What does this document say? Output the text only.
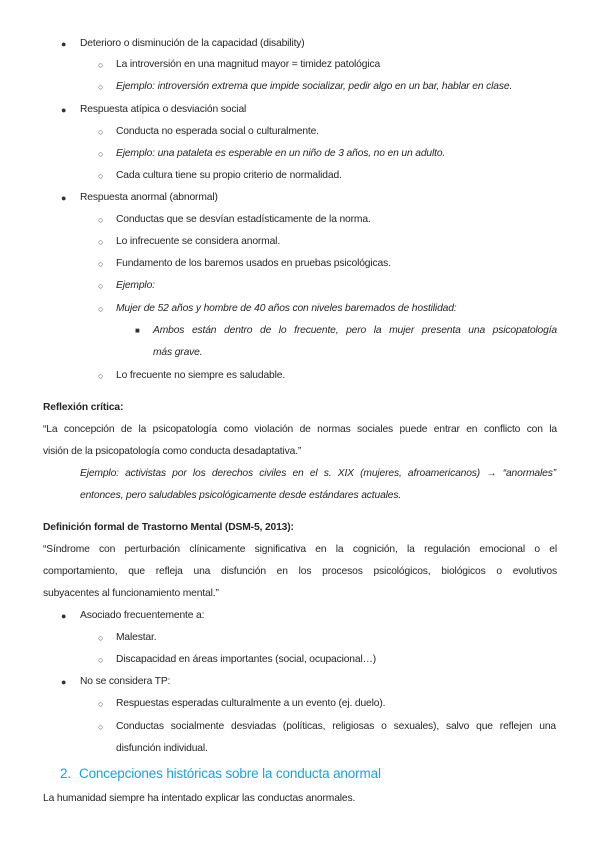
● Deterioro o disminución de la capacidad (disability)
○ La introversión en una magnitud mayor = timidez patológica
○ Ejemplo: introversión extrema que impide socializar, pedir algo en un bar, hablar en clase.
● Respuesta atípica o desviación social
○ Conducta no esperada social o culturalmente.
○ Ejemplo: una pataleta es esperable en un niño de 3 años, no en un adulto.
○ Cada cultura tiene su propio criterio de normalidad.
● Respuesta anormal (abnormal)
○ Conductas que se desvían estadísticamente de la norma.
○ Lo infrecuente se considera anormal.
○ Fundamento de los baremos usados en pruebas psicológicas.
○ Ejemplo:
○ Mujer de 52 años y hombre de 40 años con niveles baremados de hostilidad:
■ Ambos están dentro de lo frecuente, pero la mujer presenta una psicopatología
más grave.
○ Lo frecuente no siempre es saludable.
Reflexión crítica:
“La concepción de la psicopatología como violación de normas sociales puede entrar en conflicto con la
visión de la psicopatología como conducta desadaptativa.”
Ejemplo: activistas por los derechos civiles en el s. XIX (mujeres, afroamericanos) → “anormales”
entonces, pero saludables psicológicamente desde estándares actuales.
Definición formal de Trastorno Mental (DSM-5, 2013):
“Síndrome con perturbación clínicamente significativa en la cognición, la regulación emocional o el
comportamiento, que refleja una disfunción en los procesos psicológicos, biológicos o evolutivos
subyacentes al funcionamiento mental.”
● Asociado frecuentemente a:
○ Malestar.
○ Discapacidad en áreas importantes (social, ocupacional…)
● No se considera TP:
○ Respuestas esperadas culturalmente a un evento (ej. duelo).
○ Conductas socialmente desviadas (políticas, religiosas o sexuales), salvo que reflejen una
disfunción individual.
2. Concepciones históricas sobre la conducta anormal
La humanidad siempre ha intentado explicar las conductas anormales.
